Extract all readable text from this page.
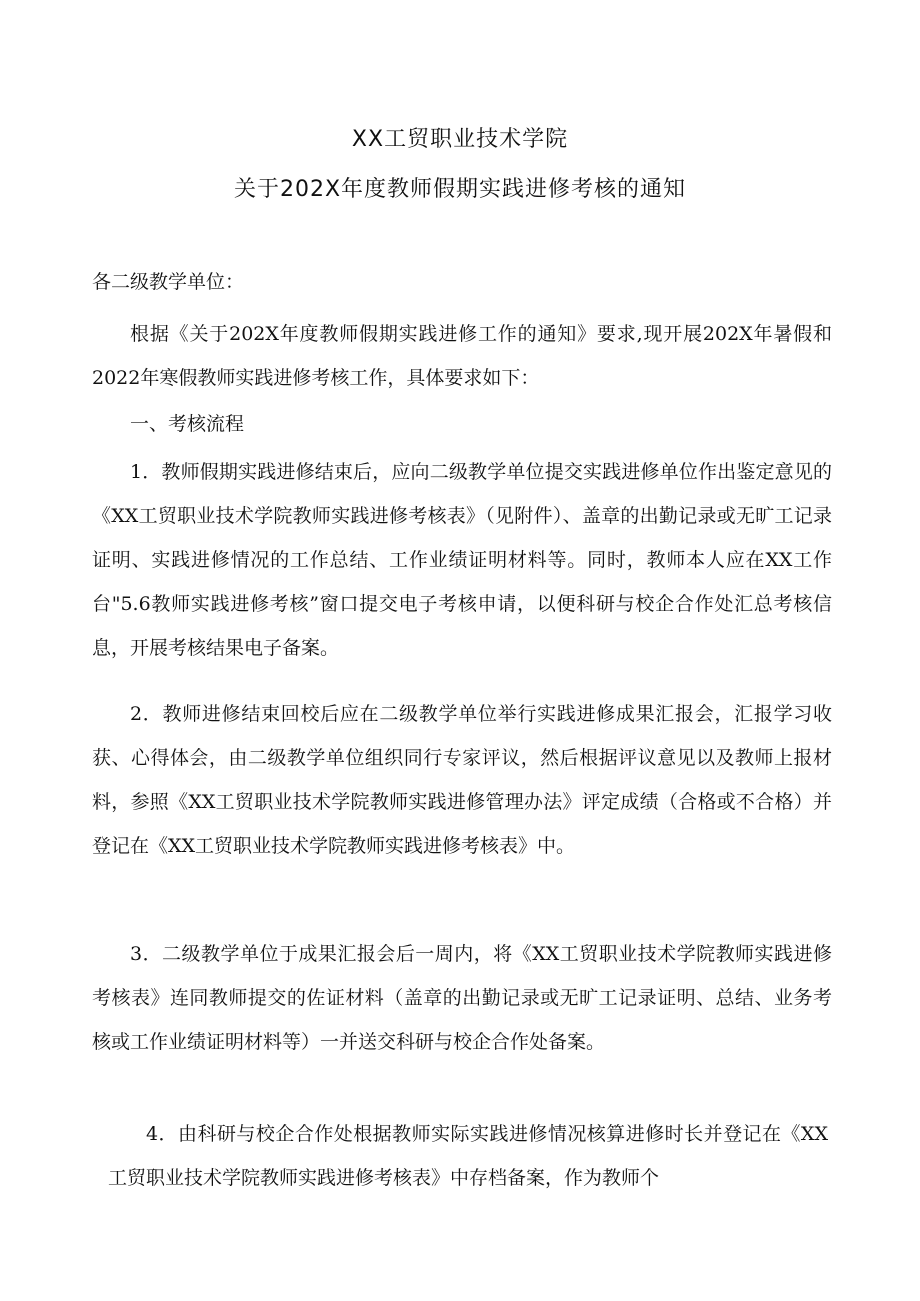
XX工贸职业技术学院
关于202X年度教师假期实践进修考核的通知
各二级教学单位：
根据《关于202X年度教师假期实践进修工作的通知》要求,现开展202X年暑假和2022年寒假教师实践进修考核工作，具体要求如下：
一、考核流程
1．教师假期实践进修结束后，应向二级教学单位提交实践进修单位作出鉴定意见的《XX工贸职业技术学院教师实践进修考核表》（见附件）、盖章的出勤记录或无旷工记录证明、实践进修情况的工作总结、工作业绩证明材料等。同时，教师本人应在XX工作台"5.6教师实践进修考核”窗口提交电子考核申请，以便科研与校企合作处汇总考核信息，开展考核结果电子备案。
2．教师进修结束回校后应在二级教学单位举行实践进修成果汇报会，汇报学习收获、心得体会，由二级教学单位组织同行专家评议，然后根据评议意见以及教师上报材料，参照《XX工贸职业技术学院教师实践进修管理办法》评定成绩（合格或不合格）并登记在《XX工贸职业技术学院教师实践进修考核表》中。
3．二级教学单位于成果汇报会后一周内，将《XX工贸职业技术学院教师实践进修考核表》连同教师提交的佐证材料（盖章的出勤记录或无旷工记录证明、总结、业务考核或工作业绩证明材料等）一并送交科研与校企合作处备案。
4．由科研与校企合作处根据教师实际实践进修情况核算进修时长并登记在《XX工贸职业技术学院教师实践进修考核表》中存档备案，作为教师个
